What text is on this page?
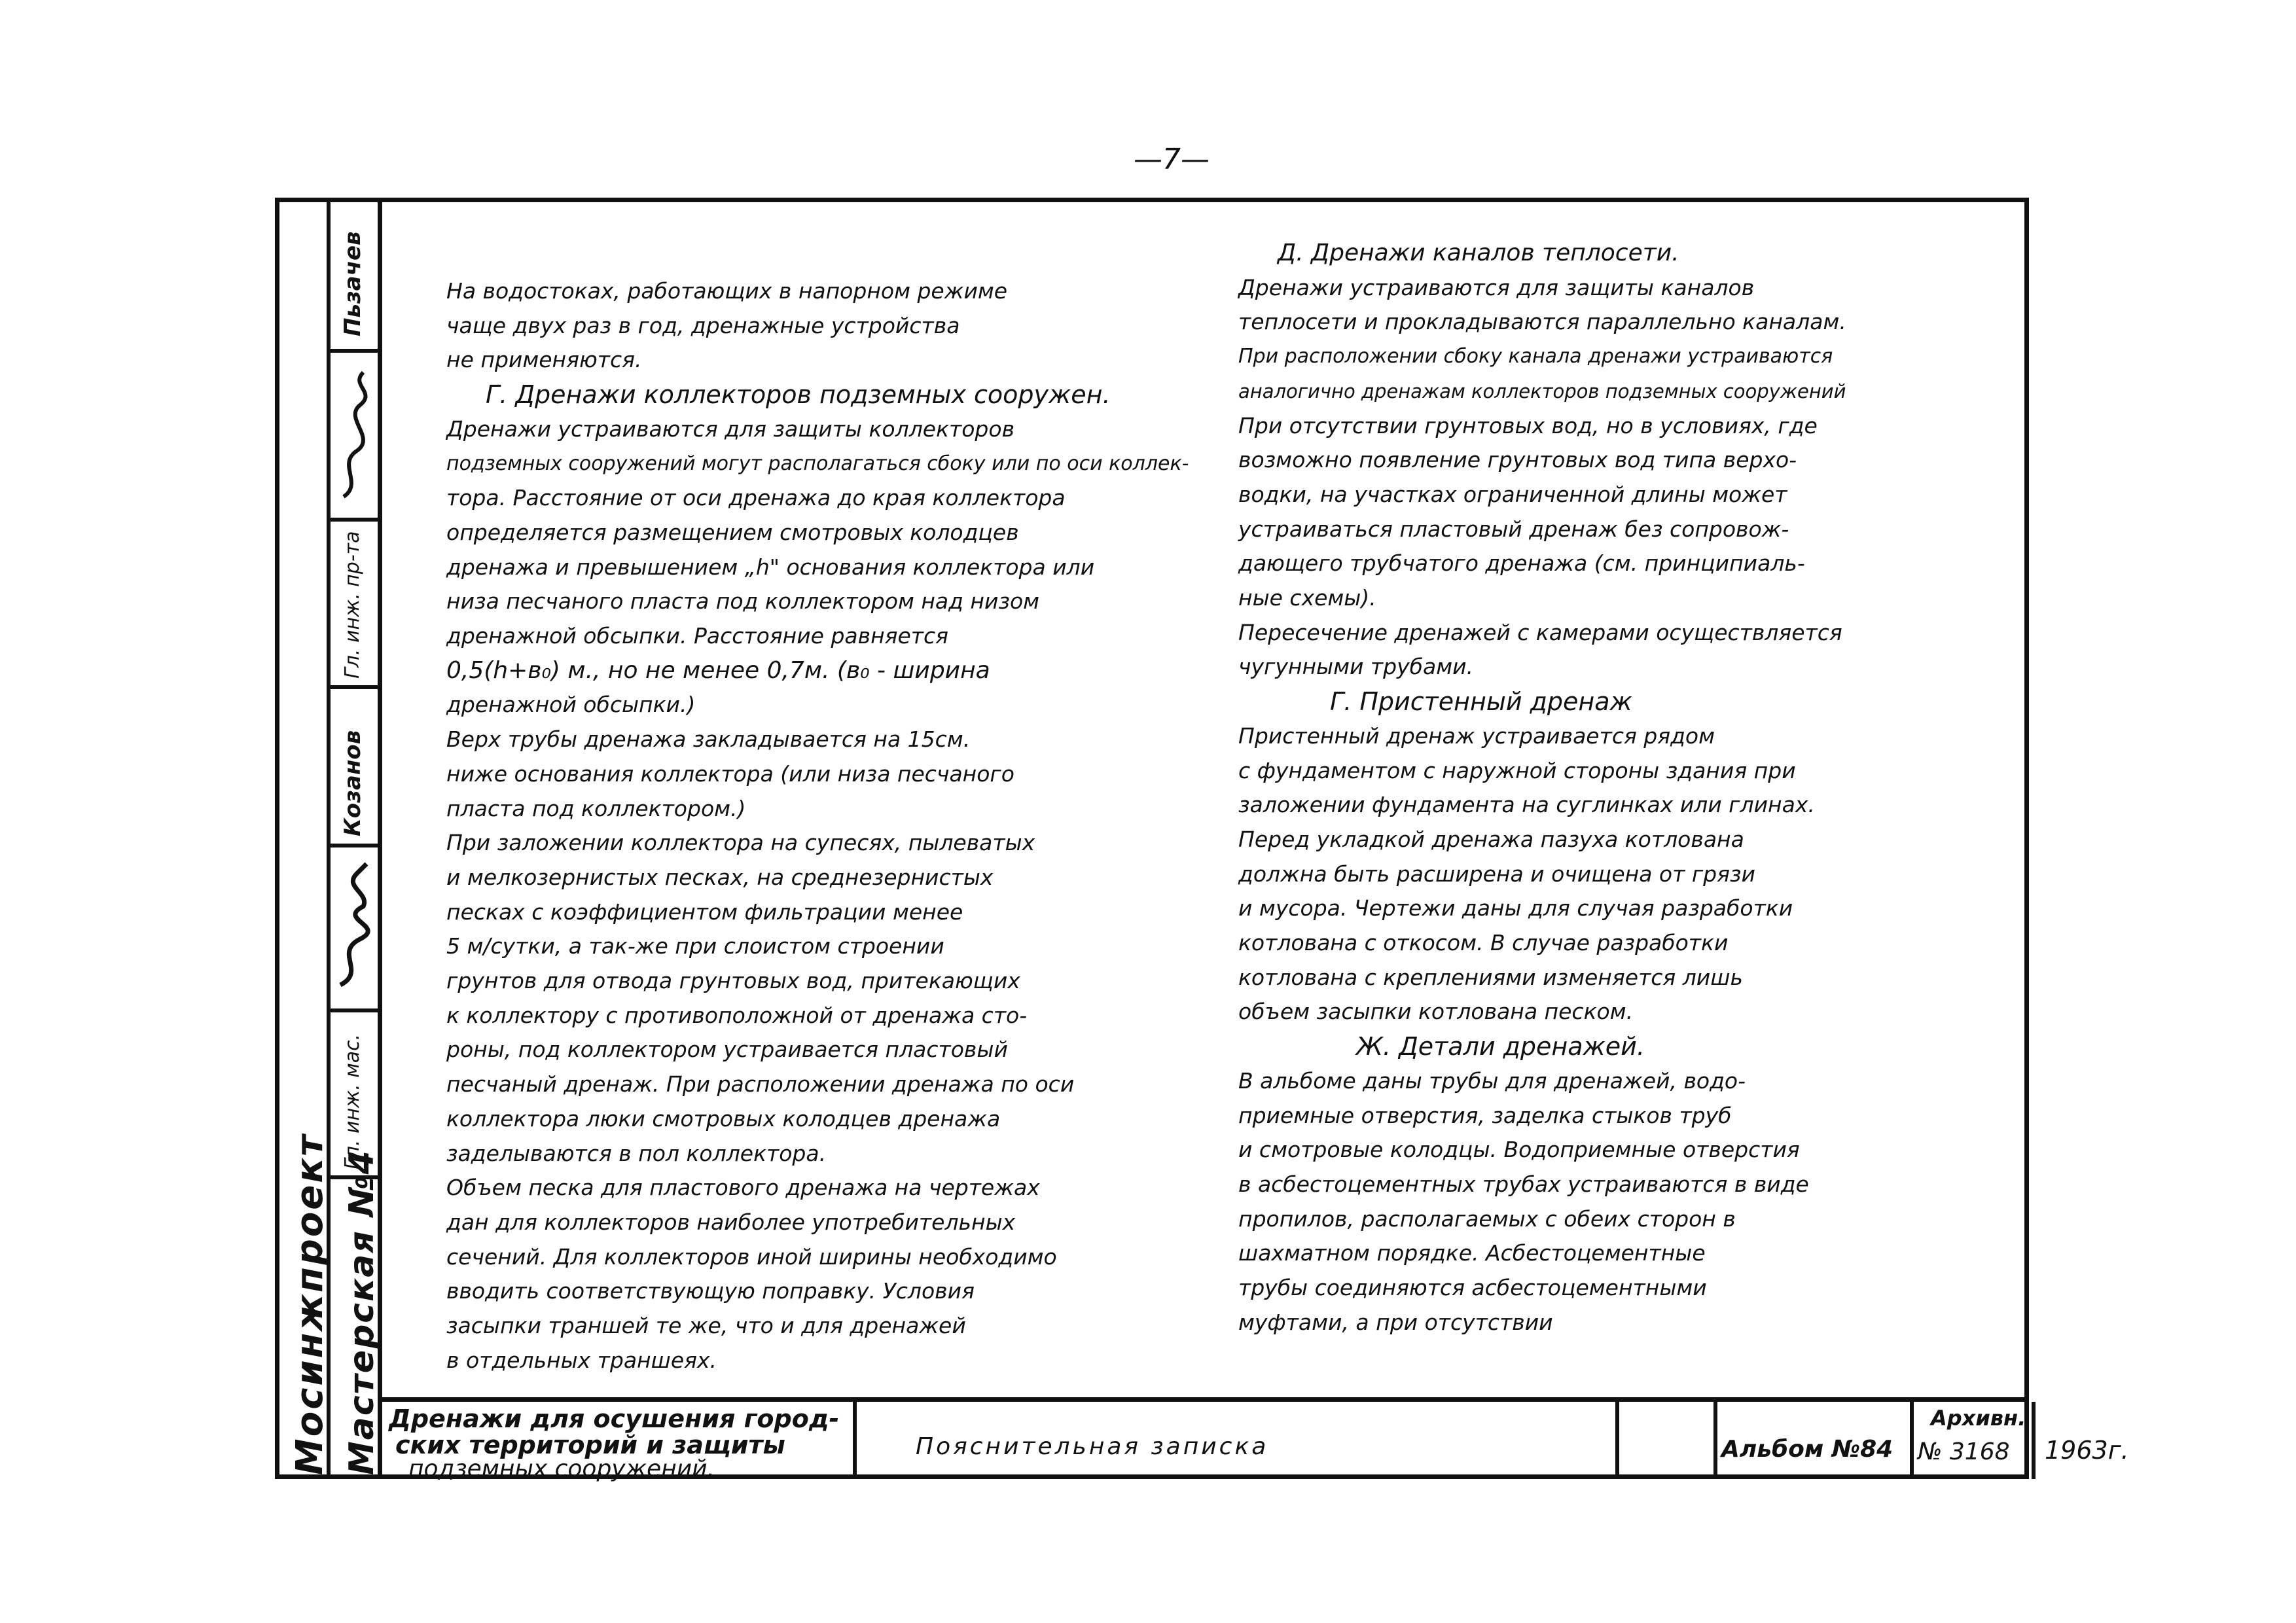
—7—
Мосинжпроект Мастерская №4
Пьзачев
Гл. инж. пр-та
Козанов
Гл. инж. мас.

На водостоках, работающих в напорном режиме

чаще двух раз в год, дренажные устройства

не применяются.

Г. Дренажи коллекторов подземных сооружен.

Дренажи устраиваются для защиты коллекторов

подземных сооружений могут располагаться сбоку или по оси коллек-

тора. Расстояние от оси дренажа до края коллектора

определяется размещением смотровых колодцев

дренажа и превышением „h" основания коллектора или

низа песчаного пласта под коллектором над низом

дренажной обсыпки. Расстояние равняется

0,5(h+в₀) м., но не менее 0,7м. (в₀ - ширина

дренажной обсыпки.)

Верх трубы дренажа закладывается на 15см.

ниже основания коллектора (или низа песчаного

пласта под коллектором.)

При заложении коллектора на супесях, пылеватых

и мелкозернистых песках, на среднезернистых

песках с коэффициентом фильтрации менее

5 м/сутки, а так-же при слоистом строении

грунтов для отвода грунтовых вод, притекающих

к коллектору с противоположной от дренажа сто-

роны, под коллектором устраивается пластовый

песчаный дренаж. При расположении дренажа по оси

коллектора люки смотровых колодцев дренажа

заделываются в пол коллектора.

Объем песка для пластового дренажа на чертежах

дан для коллекторов наиболее употребительных

сечений. Для коллекторов иной ширины необходимо

вводить соответствующую поправку. Условия

засыпки траншей те же, что и для дренажей

в отдельных траншеях.

Д. Дренажи каналов теплосети.

Дренажи устраиваются для защиты каналов

теплосети и прокладываются параллельно каналам.

При расположении сбоку канала дренажи устраиваются

аналогично дренажам коллекторов подземных сооружений

При отсутствии грунтовых вод, но в условиях, где

возможно появление грунтовых вод типа верхо-

водки, на участках ограниченной длины может

устраиваться пластовый дренаж без сопровож-

дающего трубчатого дренажа (см. принципиаль-

ные схемы).

Пересечение дренажей с камерами осуществляется

чугунными трубами.

Г. Пристенный дренаж

Пристенный дренаж устраивается рядом

с фундаментом с наружной стороны здания при

заложении фундамента на суглинках или глинах.

Перед укладкой дренажа пазуха котлована

должна быть расширена и очищена от грязи

и мусора. Чертежи даны для случая разработки

котлована с откосом. В случае разработки

котлована с креплениями изменяется лишь

объем засыпки котлована песком.

Ж. Детали дренажей.

В альбоме даны трубы для дренажей, водо-

приемные отверстия, заделка стыков труб

и смотровые колодцы. Водоприемные отверстия

в асбестоцементных трубах устраиваются в виде

пропилов, располагаемых с обеих сторон в

шахматном порядке. Асбестоцементные

трубы соединяются асбестоцементными

муфтами, а при отсутствии

Дренажи для осушения город-
ских территорий и защиты
подземных сооружений.
Пояснительная записка	Альбом №84
Архивн.
№ 3168 1963г.
